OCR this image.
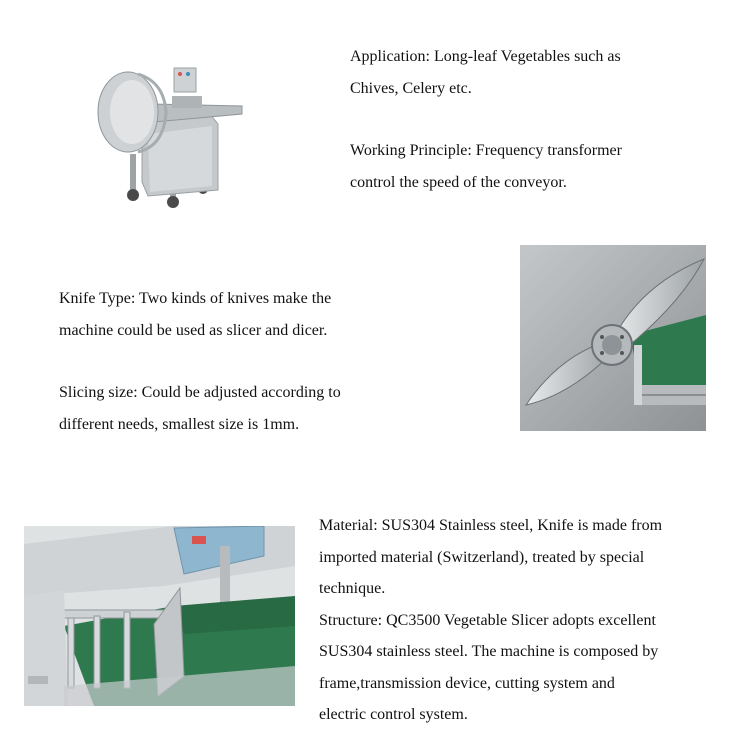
Application: Long-leaf Vegetables such as

Chives, Celery etc.

Working Principle: Frequency transformer

control the speed of the conveyor.

Knife Type: Two kinds of knives make the

machine could be used as slicer and dicer.

Slicing size: Could be adjusted according to

different needs, smallest size is 1mm.

Material: SUS304 Stainless steel, Knife is made from

imported material (Switzerland), treated by special

technique.

Structure: QC3500 Vegetable Slicer adopts excellent

SUS304 stainless steel. The machine is composed by

frame,transmission device, cutting system and

electric control system.
